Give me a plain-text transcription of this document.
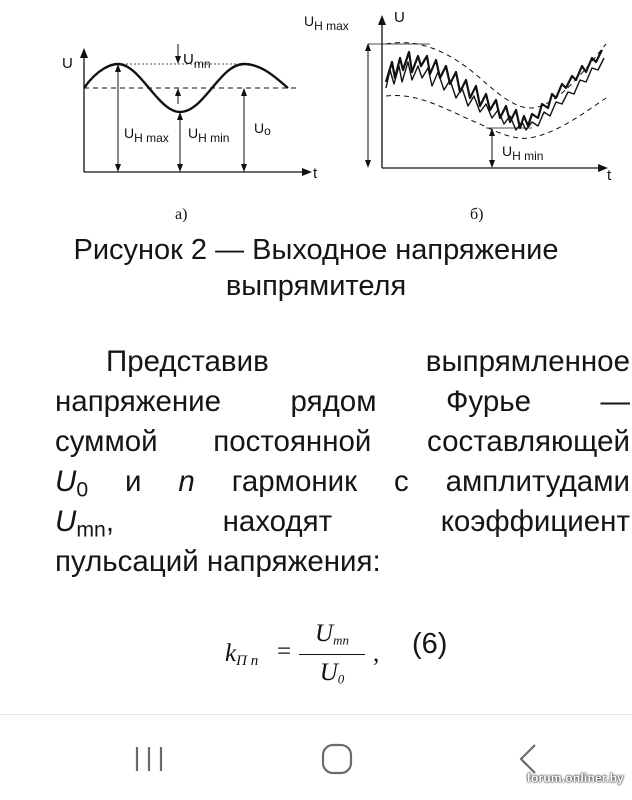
U
t
$U_{mn}$
UH max UH min
Uo
а)
U
t
UH max
UH min
б)
Рисунок 2 — Выходное напряжение
выпрямителя
Представив	выпрямленное
напряжение рядом Фурье —
суммой постоянной составляющей
$U_0$ и n гармоник с амплитудами
$U_{mn}$,	находят	коэффициент
пульсаций напряжения:
$k_{П n}$ =
$U_{mn}$
$U_0$
, (6)
forum.onliner.by
